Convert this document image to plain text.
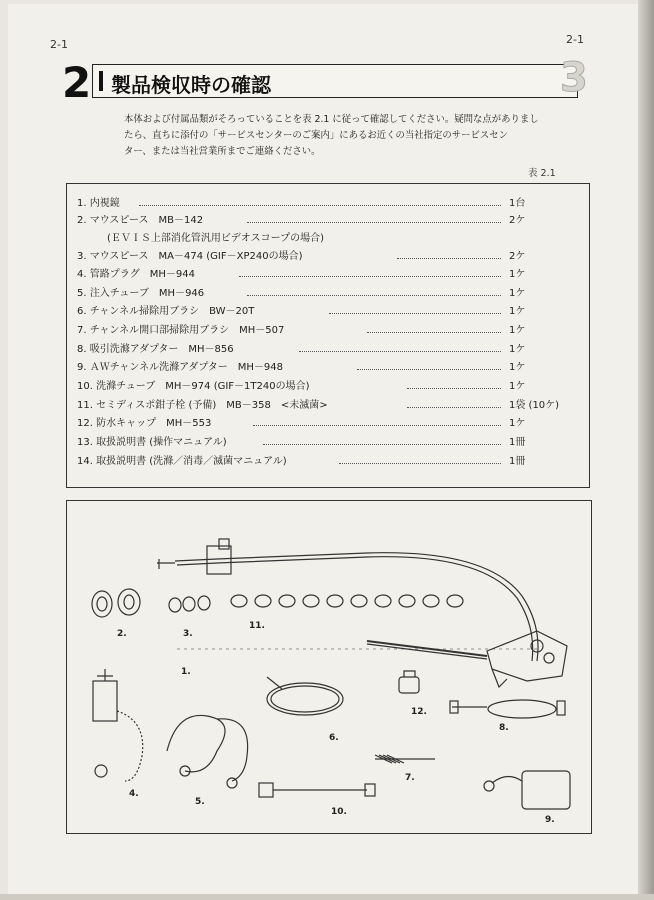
2-1	2-1
2 製品検収時の確認	3
本体および付属品類がそろっていることを表 2.1 に従って確認してください。疑問な点がありまし
たら、直ちに添付の「サービスセンターのご案内」にあるお近くの当社指定のサービスセン
ター、または当社営業所までご連絡ください。
表 2.1
1. 内視鏡	1台
2. マウスピース　MB－142	2ケ
　　　(ＥＶＩＳ上部消化管汎用ビデオスコープの場合)
3. マウスピース　MA－474 (GIF－XP240の場合)	2ケ
4. 管路プラグ　MH－944	1ケ
5. 注入チューブ　MH－946	1ケ
6. チャンネル掃除用ブラシ　BW－20T	1ケ
7. チャンネル開口部掃除用ブラシ　MH－507	1ケ
8. 吸引洗滌アダプター　MH－856	1ケ
9. ＡＷチャンネル洗滌アダプター　MH－948	1ケ
10. 洗滌チューブ　MH－974 (GIF－1T240の場合)	1ケ
11. セミディスポ鉗子栓 (予備)　MB－358　<未滅菌>	1袋 (10ケ)
12. 防水キャップ　MH－553	1ケ
13. 取扱説明書 (操作マニュアル)	1冊
14. 取扱説明書 (洗滌／消毒／滅菌マニュアル)	1冊
2.	3.
11.
1.
4.
5.
6.
12.
8.
7.
10.
9.
